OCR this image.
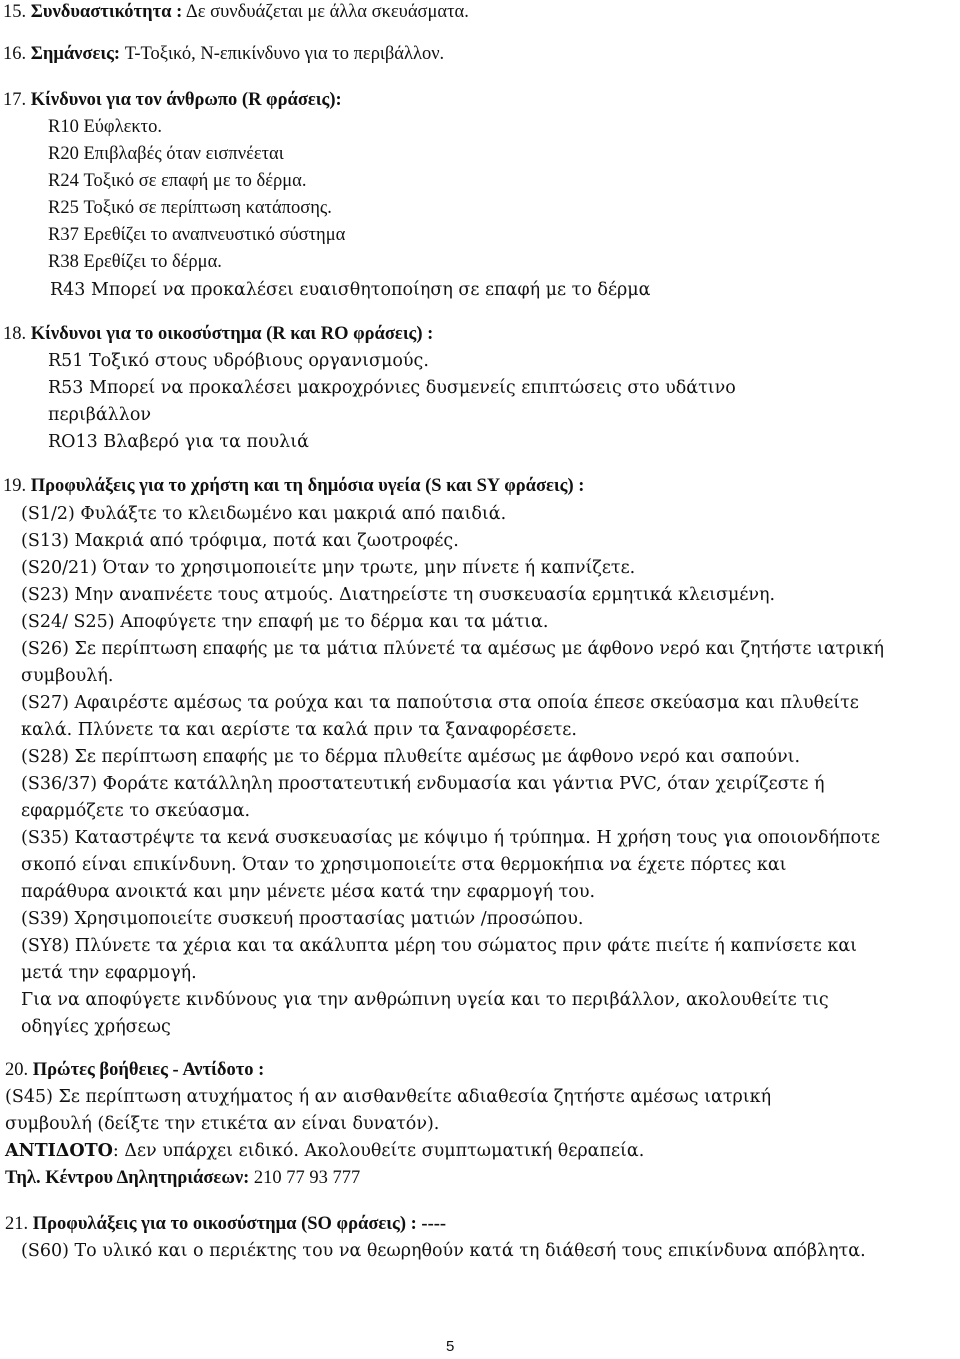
15. Συνδυαστικότητα : Δε συνδυάζεται με άλλα σκευάσματα.
16. Σημάνσεις: T-Τοξικό, N-επικίνδυνο για το περιβάλλον.
17. Κίνδυνοι για τον άνθρωπο (R φράσεις):
R10 Εύφλεκτο.
R20 Επιβλαβές όταν εισπνέεται
R24 Τοξικό σε επαφή με το δέρμα.
R25 Τοξικό σε περίπτωση κατάποσης.
R37 Ερεθίζει το αναπνευστικό σύστημα
R38 Ερεθίζει το δέρμα.
R43 Μπορεί να προκαλέσει ευαισθητοποίηση σε επαφή με το δέρμα
18. Κίνδυνοι για το οικοσύστημα (R και RO φράσεις) :
R51 Τοξικό στους υδρόβιους οργανισμούς.
R53 Μπορεί να προκαλέσει μακροχρόνιες δυσμενείς επιπτώσεις στο υδάτινο
περιβάλλον
RO13 Βλαβερό για τα πουλιά
19. Προφυλάξεις για το χρήστη και τη δημόσια υγεία (S και SY φράσεις) :
(S1/2) Φυλάξτε το κλειδωμένο και μακριά από παιδιά.
(S13) Μακριά από τρόφιμα, ποτά και ζωοτροφές.
(S20/21) Όταν το χρησιμοποιείτε μην τρωτε, μην πίνετε ή καπνίζετε.
(S23) Μην αναπνέετε τους ατμούς. Διατηρείστε τη συσκευασία ερμητικά κλεισμένη.
(S24/ S25) Αποφύγετε την επαφή με το δέρμα και τα μάτια.
(S26) Σε περίπτωση επαφής με τα μάτια πλύνετέ τα αμέσως με άφθονο νερό και ζητήστε ιατρική
συμβουλή.
(S27) Αφαιρέστε αμέσως τα ρούχα και τα παπούτσια στα οποία έπεσε σκεύασμα και πλυθείτε
καλά. Πλύνετε τα και αερίστε τα καλά πριν τα ξαναφορέσετε.
(S28) Σε περίπτωση επαφής με το δέρμα πλυθείτε αμέσως με άφθονο νερό και σαπούνι.
(S36/37) Φοράτε κατάλληλη προστατευτική ενδυμασία και γάντια PVC, όταν χειρίζεστε ή
εφαρμόζετε το σκεύασμα.
(S35) Καταστρέψτε τα κενά συσκευασίας με κόψιμο ή τρύπημα. Η χρήση τους για οποιονδήποτε
σκοπό είναι επικίνδυνη. Όταν το χρησιμοποιείτε στα θερμοκήπια να έχετε πόρτες και
παράθυρα ανοικτά και μην μένετε μέσα κατά την εφαρμογή του.
(S39) Χρησιμοποιείτε συσκευή προστασίας ματιών /προσώπου.
(SY8) Πλύνετε τα χέρια και τα ακάλυπτα μέρη του σώματος πριν φάτε πιείτε ή καπνίσετε και
μετά την εφαρμογή.
Για να αποφύγετε κινδύνους για την ανθρώπινη υγεία και το περιβάλλον, ακολουθείτε τις
οδηγίες χρήσεως
20. Πρώτες βοήθειες - Αντίδοτο :
(S45) Σε περίπτωση ατυχήματος ή αν αισθανθείτε αδιαθεσία ζητήστε αμέσως ιατρική
συμβουλή (δείξτε την ετικέτα αν είναι δυνατόν).
ΑΝΤΙΔΟΤΟ: Δεν υπάρχει ειδικό. Ακολουθείτε συμπτωματική θεραπεία.
Τηλ. Κέντρου Δηλητηριάσεων: 210 77 93 777
21. Προφυλάξεις για το οικοσύστημα (SO φράσεις) : ----
(S60) Το υλικό και ο περιέκτης του να θεωρηθούν κατά τη διάθεσή τους επικίνδυνα απόβλητα.
5
